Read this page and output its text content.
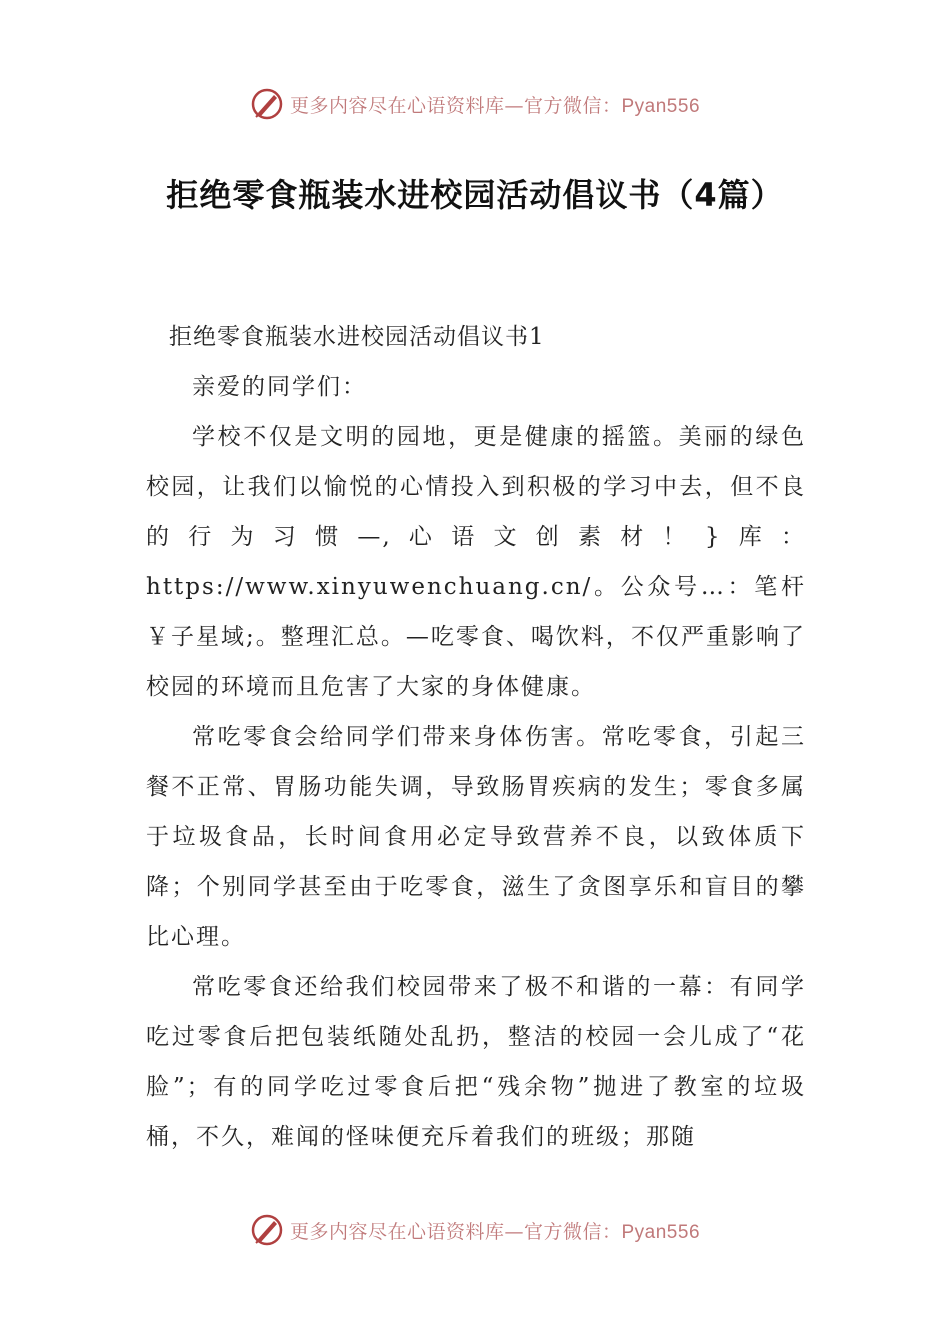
更多内容尽在心语资料库—官方微信：Pyan556
拒绝零食瓶装水进校园活动倡议书（4篇）

拒绝零食瓶装水进校园活动倡议书1

亲爱的同学们：

学校不仅是文明的园地，更是健康的摇篮。美丽的绿色校园，让我们以愉悦的心情投入到积极的学习中去，但不良的行为习惯—,心语文创素材！}库：https://www.xinyuwenchuang.cn/。公众号…：笔杆￥子星域;。整理汇总。—吃零食、喝饮料，不仅严重影响了校园的环境而且危害了大家的身体健康。

常吃零食会给同学们带来身体伤害。常吃零食，引起三餐不正常、胃肠功能失调，导致肠胃疾病的发生；零食多属于垃圾食品，长时间食用必定导致营养不良，以致体质下降；个别同学甚至由于吃零食，滋生了贪图享乐和盲目的攀比心理。

常吃零食还给我们校园带来了极不和谐的一幕：有同学吃过零食后把包装纸随处乱扔，整洁的校园一会儿成了“花脸”；有的同学吃过零食后把“残余物”抛进了教室的垃圾桶，不久，难闻的怪味便充斥着我们的班级；那随

更多内容尽在心语资料库—官方微信：Pyan556
